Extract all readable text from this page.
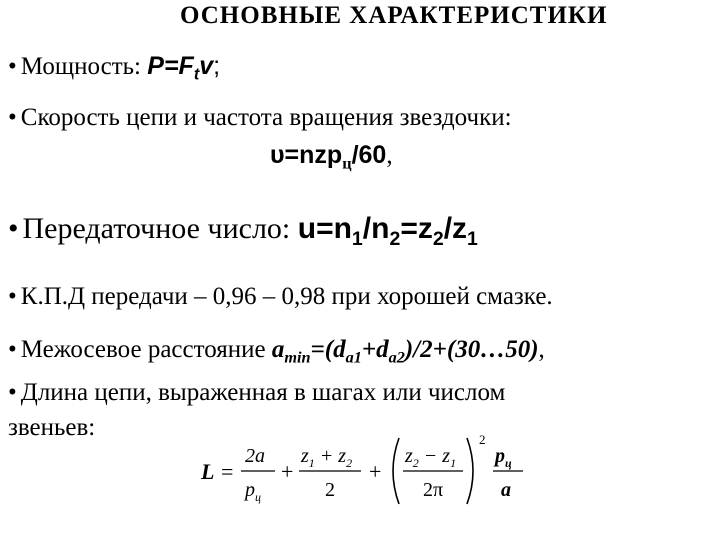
ОСНОВНЫЕ ХАРАКТЕРИСТИКИ
• Мощность: $P=F_tv$;
• Скорость цепи и частота вращения звездочки:
υ=nzp$_ц$/60,
• Передаточное число: $u=n_1/n_2=z_2/z_1$
• К.П.Д передачи – 0,96 – 0,98 при хорошей смазке.
• Межосевое расстояние $a_{min}=(d_{a1}+d_{a2})/2+(30\dots 50)$,
• Длина цепи, выраженная в шагах или числом
звеньев:
L =
2a
$p_ц$
+
$z_1 + z_2$
2
+
$z_2 - z_1$
2π
2
$p_ц$
a
